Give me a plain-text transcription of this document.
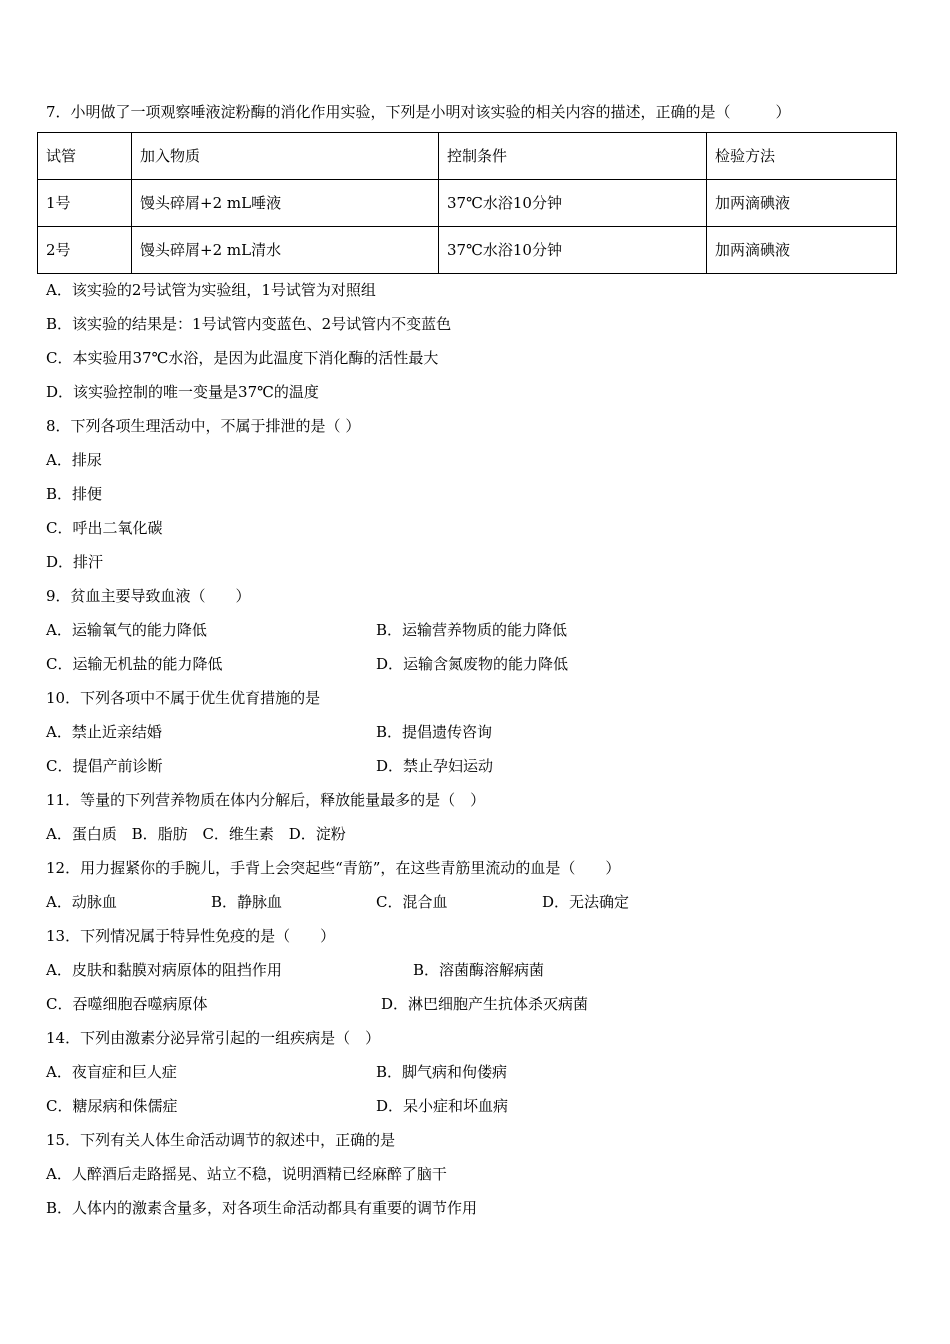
7．小明做了一项观察唾液淀粉酶的消化作用实验，下列是小明对该实验的相关内容的描述，正确的是（　　　）
试管	加入物质	控制条件	检验方法
1号	馒头碎屑+2 mL唾液	37℃水浴10分钟	加两滴碘液
2号	馒头碎屑+2 mL清水	37℃水浴10分钟	加两滴碘液
A．该实验的2号试管为实验组，1号试管为对照组
B．该实验的结果是：1号试管内变蓝色、2号试管内不变蓝色
C．本实验用37℃水浴，是因为此温度下消化酶的活性最大
D．该实验控制的唯一变量是37℃的温度
8．下列各项生理活动中，不属于排泄的是（ ）
A．排尿
B．排便
C．呼出二氧化碳
D．排汗
9．贫血主要导致血液（　　）
A．运输氧气的能力降低	B．运输营养物质的能力降低
C．运输无机盐的能力降低	D．运输含氮废物的能力降低
10．下列各项中不属于优生优育措施的是
A．禁止近亲结婚	B．提倡遗传咨询
C．提倡产前诊断	D．禁止孕妇运动
11．等量的下列营养物质在体内分解后，释放能量最多的是（　）
A．蛋白质 B．脂肪 C．维生素 D．淀粉
12．用力握紧你的手腕儿，手背上会突起些“青筋”，在这些青筋里流动的血是（　　）
A．动脉血	B．静脉血	C．混合血	D．无法确定
13．下列情况属于特异性免疫的是（　　）
A．皮肤和黏膜对病原体的阻挡作用	B．溶菌酶溶解病菌
C．吞噬细胞吞噬病原体	D．淋巴细胞产生抗体杀灭病菌
14．下列由激素分泌异常引起的一组疾病是（　）
A．夜盲症和巨人症	B．脚气病和佝偻病
C．糖尿病和侏儒症	D．呆小症和坏血病
15．下列有关人体生命活动调节的叙述中，正确的是
A．人醉酒后走路摇晃、站立不稳，说明酒精已经麻醉了脑干
B．人体内的激素含量多，对各项生命活动都具有重要的调节作用
